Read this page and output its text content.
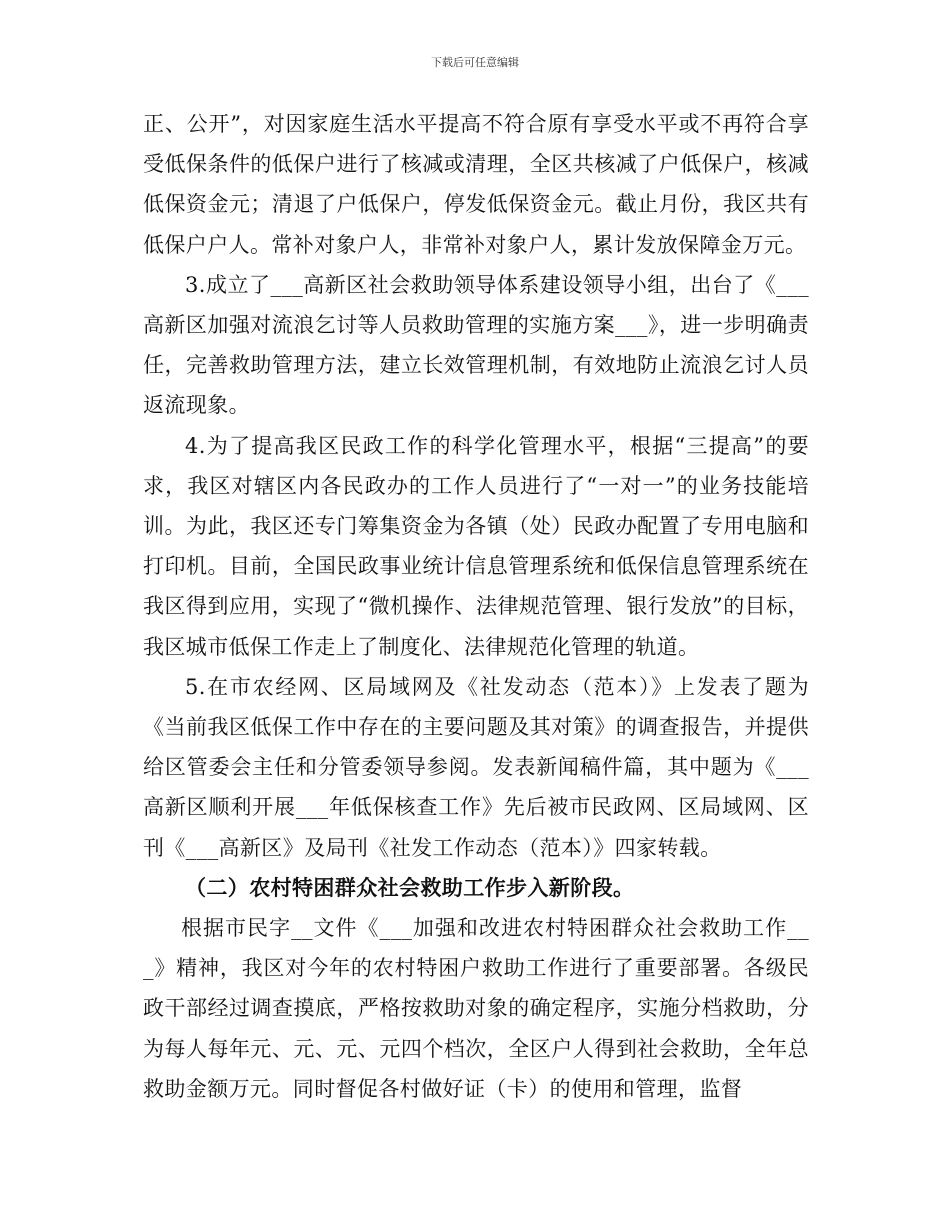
下载后可任意编辑

正、公开”，对因家庭生活水平提高不符合原有享受水平或不再符合享受低保条件的低保户进行了核减或清理，全区共核减了户低保户，核减低保资金元；清退了户低保户，停发低保资金元。截止月份，我区共有低保户户人。常补对象户人，非常补对象户人，累计发放保障金万元。

3.成立了___高新区社会救助领导体系建设领导小组，出台了《___高新区加强对流浪乞讨等人员救助管理的实施方案___》，进一步明确责任，完善救助管理方法，建立长效管理机制，有效地防止流浪乞讨人员返流现象。

4.为了提高我区民政工作的科学化管理水平，根据“三提高”的要求，我区对辖区内各民政办的工作人员进行了“一对一”的业务技能培训。为此，我区还专门筹集资金为各镇（处）民政办配置了专用电脑和打印机。目前，全国民政事业统计信息管理系统和低保信息管理系统在我区得到应用，实现了“微机操作、法律规范管理、银行发放”的目标，我区城市低保工作走上了制度化、法律规范化管理的轨道。

5.在市农经网、区局域网及《社发动态（范本）》上发表了题为《当前我区低保工作中存在的主要问题及其对策》的调查报告，并提供给区管委会主任和分管委领导参阅。发表新闻稿件篇，其中题为《___高新区顺利开展___年低保核查工作》先后被市民政网、区局域网、区刊《___高新区》及局刊《社发工作动态（范本）》四家转载。

（二）农村特困群众社会救助工作步入新阶段。

根据市民字__文件《___加强和改进农村特困群众社会救助工作___》精神，我区对今年的农村特困户救助工作进行了重要部署。各级民政干部经过调查摸底，严格按救助对象的确定程序，实施分档救助，分为每人每年元、元、元、元四个档次，全区户人得到社会救助，全年总救助金额万元。同时督促各村做好证（卡）的使用和管理，监督
